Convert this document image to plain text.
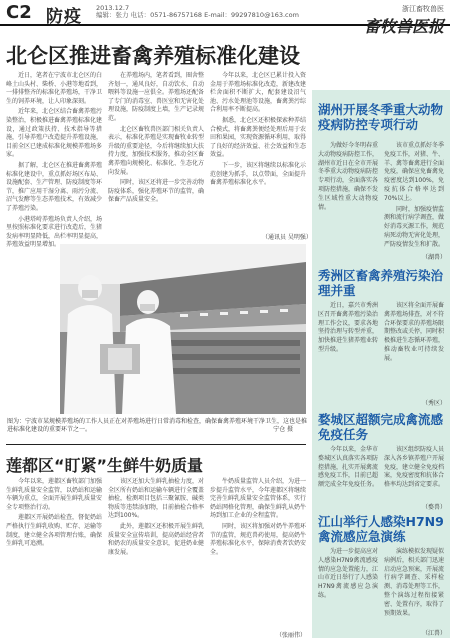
C2 防疫 2013.12.7
编辑：张力 电话：0571-86757168 E-mail：99297810@163.com
浙江畜牧兽医
畜牧兽医报
北仑区推进畜禽养殖标准化建设

近日，笔者在宁波市北仑区的白峰土山头村、柴桥、小港等地看到，一排排整齐的标准化养殖场，干净卫生的饲养环境，让人印象深刻。

近年来，北仑区结合畜禽养殖污染整治，积极推进畜禽养殖标准化建设，通过政策扶持、技术指导等措施，引导养殖户改造提升养殖设施，目前全区已建成标准化规模养殖场多家。

据了解，北仑区在推进畜禽养殖标准化建设中，重点抓好场区布局、设施配套、生产管理、防疫制度等环节，推广应用干湿分离、雨污分流、沼气发酵等生态养殖技术，有效减少了养殖污染。

小港塔峙养殖场负责人介绍，场里按照标准化要求进行改造后，生猪发病率明显降低，出栏率明显提高，养殖效益明显增加。

在养殖场内，笔者看到，圈舍整齐划一，通风良好，自动饮水、自动喂料等设施一应俱全。养殖场还配备了专门的消毒室、兽医室和无害化处理设施，防疫制度上墙，生产记录规范。

北仑区畜牧兽医部门相关负责人表示，标准化养殖是实现畜牧业转型升级的重要途径，今后将继续加大扶持力度，加强技术服务，推动全区畜禽养殖向规模化、标准化、生态化方向发展。

同时，该区还将进一步完善动物防疫体系，强化养殖环节的监管，确保畜产品质量安全。

今年以来，北仑区已累计投入资金用于养殖场标准化改造，新建改建栏舍面积不断扩大，配套建设沼气池、污水处理池等设施，畜禽粪污综合利用率不断提高。

据悉，北仑区还积极探索种养结合模式，将畜禽粪便经处理后用于农田和果园，实现资源循环利用，取得了良好的经济效益、社会效益和生态效益。

下一步，该区将继续以标准化示范创建为抓手，以点带面，全面提升畜禽养殖标准化水平。

（通讯员 吴明强）
图为：宁波市某规模养殖场的工作人员正在对养殖场进行日常消毒和检查，确保畜禽养殖环境干净卫生，这也是推进标准化建设的重要环节之一。	宁仓 摄
莲都区“盯紧”生鲜牛奶质量

今年以来，莲都区畜牧部门加强生鲜乳质量安全监管，以奶站和运输车辆为重点，全面开展生鲜乳质量安全专项整治行动。

莲都区开展奶站检查，督促奶站严格执行生鲜乳收购、贮存、运输等制度，建立健全各项管理台账，确保生鲜乳可追溯。

该区还加大生鲜乳抽检力度，对全区所有奶站和运输车辆进行全覆盖抽检，检测项目包括三聚氰胺、碱类物质等违禁添加物，目前抽检合格率达到100%。

此外，莲都区还积极开展生鲜乳质量安全宣传培训，提高奶站经营者和奶农的质量安全意识，促进奶业健康发展。

牛奶质量监管人员介绍，为进一步提升监管水平，今年莲都区将继续完善生鲜乳质量安全监管体系，实行奶站网格化管理，确保生鲜乳从奶牛场到加工企业的全程监管。

同时，该区将加强对奶牛养殖环节的监管，规范兽药使用，提高奶牛养殖标准化水平，保障消费者饮奶安全。

（张丽伟）
湖州开展冬季重大动物疫病防控专项行动

为做好今冬明春重大动物疫病防控工作，湖州市近日在全市开展冬季重大动物疫病防控专项行动，全面落实各项防控措施，确保不发生区域性重大动物疫情。

该市重点抓好冬季免疫工作，对猪、牛、羊、禽等畜禽进行全面免疫，确保应免畜禽免疫密度达到100%，免疫抗体合格率达到70%以上。

同时，加强疫情监测和流行病学调查，做好消毒灭源工作，规范病死动物无害化处理，严防疫情发生和扩散。

（湖兽）
秀洲区畜禽养殖污染治理并重

近日，嘉兴市秀洲区召开畜禽养殖污染治理工作会议，要求各地坚持治理与转型并重，加快推进生猪养殖业转型升级。

该区将全面开展畜禽养殖场排查，对不符合环保要求的养殖场限期整改或关停，同时积极推进生态循环养殖，推动畜牧业可持续发展。

（秀区）
婺城区超额完成禽流感免疫任务

今年以来，金华市婺城区认真落实各项防控措施，扎实开展禽流感免疫工作，目前已超额完成全年免疫任务。

该区组织防疫人员深入各乡镇养殖户开展免疫，建立健全免疫档案，免疫密度和抗体合格率均达到省定要求。

（婺兽）
江山举行人感染H7N9禽流感应急演练

为进一步提高应对人感染H7N9禽流感疫情的应急处置能力，江山市近日举行了人感染H7N9禽流感应急演练。

演练模拟发现疑似病例后，相关部门迅速启动应急预案，开展流行病学调查、采样检测、消毒处理等工作，整个演练过程衔接紧密、处置有序，取得了预期效果。

（江兽）
